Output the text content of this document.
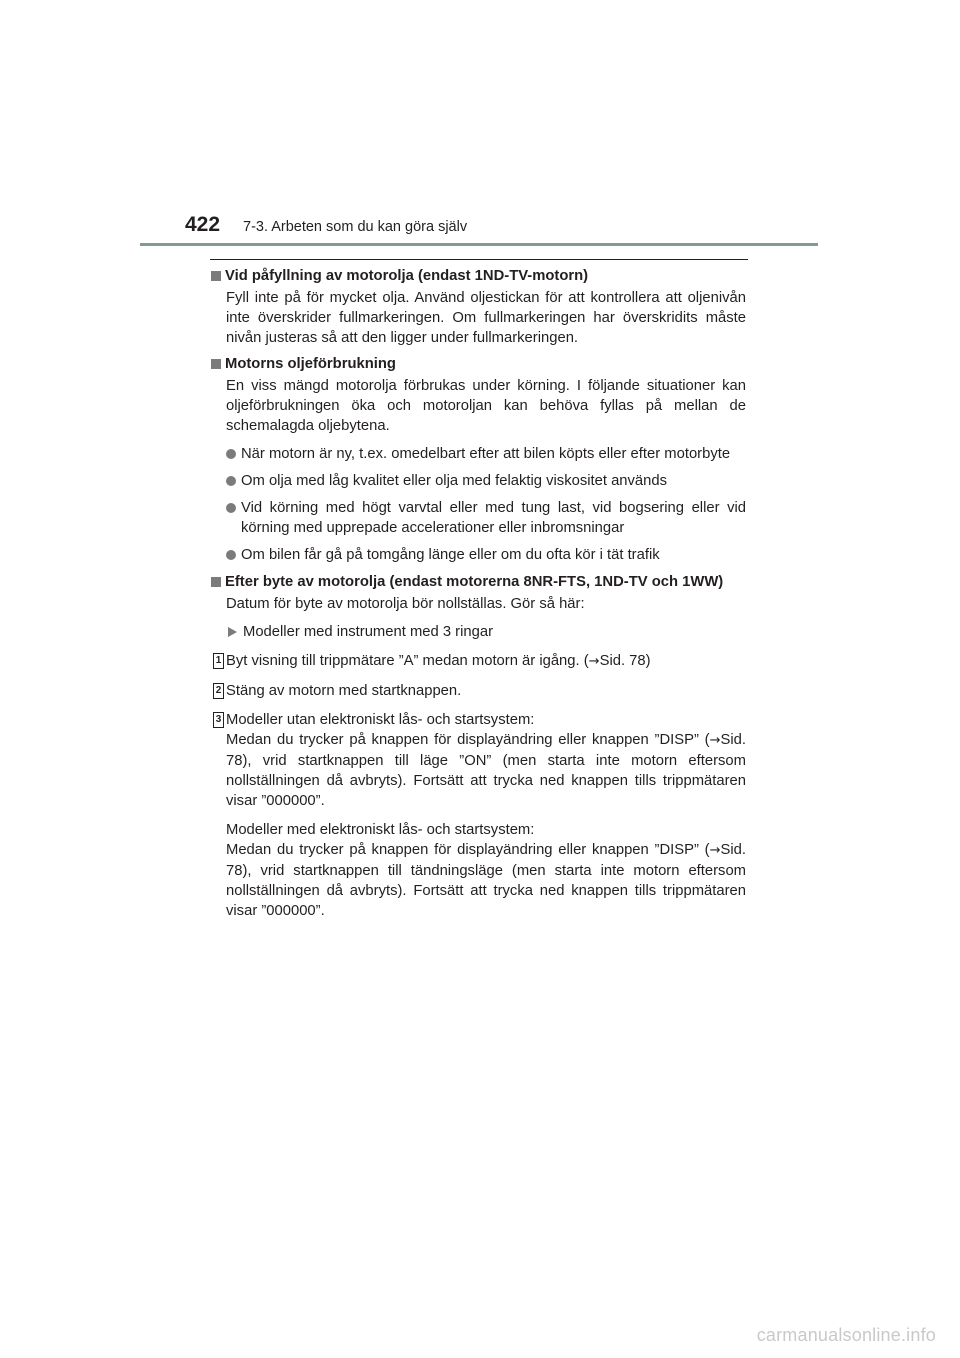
422 7-3. Arbeten som du kan göra själv
Vid påfyllning av motorolja (endast 1ND-TV-motorn)
Fyll inte på för mycket olja. Använd oljestickan för att kontrollera att oljenivån inte överskrider fullmarkeringen. Om fullmarkeringen har överskridits måste nivån justeras så att den ligger under fullmarkeringen.
Motorns oljeförbrukning
En viss mängd motorolja förbrukas under körning. I följande situationer kan oljeförbrukningen öka och motoroljan kan behöva fyllas på mellan de schemalagda oljebytena.
När motorn är ny, t.ex. omedelbart efter att bilen köpts eller efter motorbyte
Om olja med låg kvalitet eller olja med felaktig viskositet används
Vid körning med högt varvtal eller med tung last, vid bogsering eller vid körning med upprepade accelerationer eller inbromsningar
Om bilen får gå på tomgång länge eller om du ofta kör i tät trafik
Efter byte av motorolja (endast motorerna 8NR-FTS, 1ND-TV och 1WW)
Datum för byte av motorolja bör nollställas. Gör så här:
Modeller med instrument med 3 ringar
1 Byt visning till trippmätare ”A” medan motorn är igång. (→Sid. 78)
2 Stäng av motorn med startknappen.
3 Modeller utan elektroniskt lås- och startsystem:
Medan du trycker på knappen för displayändring eller knappen ”DISP” (→Sid. 78), vrid startknappen till läge ”ON” (men starta inte motorn eftersom nollställningen då avbryts). Fortsätt att trycka ned knappen tills trippmätaren visar ”000000”.

Modeller med elektroniskt lås- och startsystem:
Medan du trycker på knappen för displayändring eller knappen ”DISP” (→Sid. 78), vrid startknappen till tändningsläge (men starta inte motorn eftersom nollställningen då avbryts). Fortsätt att trycka ned knappen tills trippmätaren visar ”000000”.

carmanualsonline.info
